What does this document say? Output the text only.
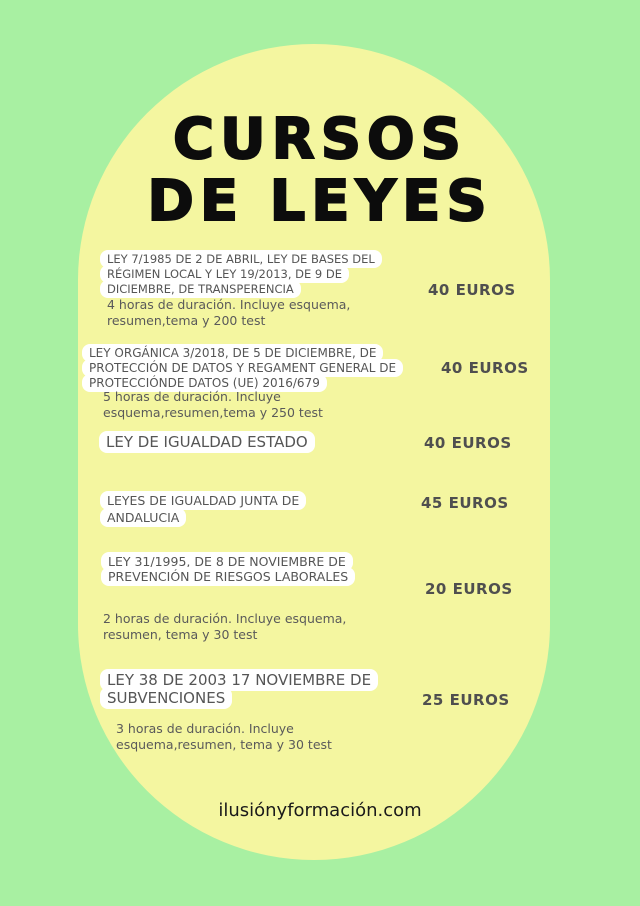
CURSOS
DE LEYES
LEY 7/1985 DE 2 DE ABRIL, LEY DE BASES DEL RÉGIMEN LOCAL Y LEY 19/2013, DE 9 DE DICIEMBRE, DE TRANSPERENCIA
4 horas de duración. Incluye esquema, resumen,tema y 200 test
40 EUROS
LEY ORGÁNICA 3/2018, DE 5 DE DICIEMBRE, DE PROTECCIÓN DE DATOS Y REGAMENT GENERAL DE PROTECCIÓNDE DATOS (UE) 2016/679
5 horas de duración. Incluye esquema,resumen,tema y 250 test
40 EUROS
LEY DE IGUALDAD ESTADO	40 EUROS
LEYES DE IGUALDAD JUNTA DE ANDALUCIA
45 EUROS
LEY 31/1995, DE 8 DE NOVIEMBRE DE PREVENCIÓN DE RIESGOS LABORALES
2 horas de duración. Incluye esquema, resumen, tema y 30 test
20 EUROS
LEY 38 DE 2003 17 NOVIEMBRE DE SUBVENCIONES
3 horas de duración. Incluye esquema,resumen, tema y 30 test
25 EUROS
ilusiónyformación.com
